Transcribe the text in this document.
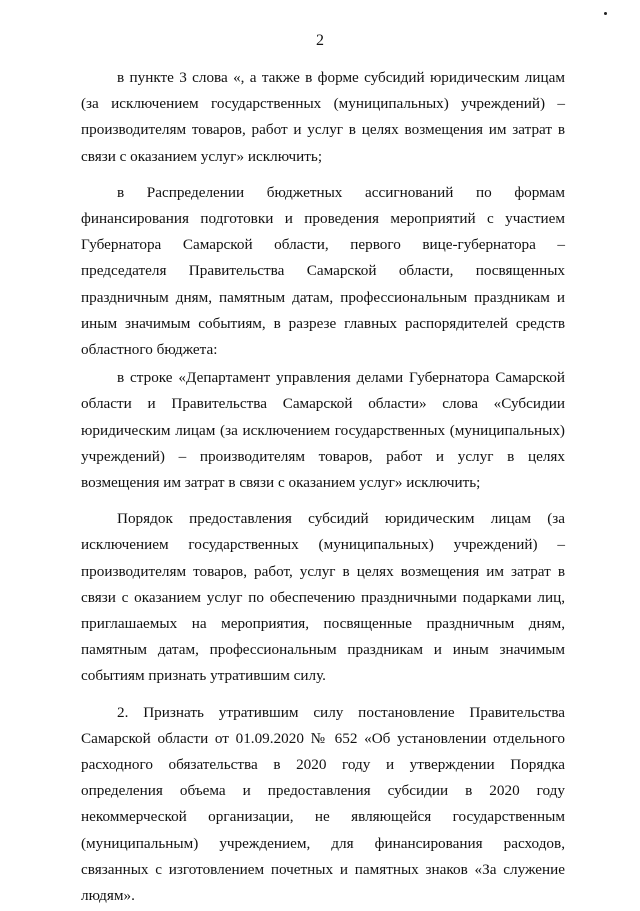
2

в пункте 3 слова «, а также в форме субсидий юридическим лицам (за исключением государственных (муниципальных) учреждений) – производителям товаров, работ и услуг в целях возмещения им затрат в связи с оказанием услуг» исключить;

в Распределении бюджетных ассигнований по формам финансирования подготовки и проведения мероприятий с участием Губернатора Самарской области, первого вице-губернатора – председателя Правительства Самарской области, посвященных праздничным дням, памятным датам, профессиональным праздникам и иным значимым событиям, в разрезе главных распорядителей средств областного бюджета:

в строке «Департамент управления делами Губернатора Самарской области и Правительства Самарской области» слова «Субсидии юридическим лицам (за исключением государственных (муниципальных) учреждений) – производителям товаров, работ и услуг в целях возмещения им затрат в связи с оказанием услуг» исключить;

Порядок предоставления субсидий юридическим лицам (за исключением государственных (муниципальных) учреждений) – производителям товаров, работ, услуг в целях возмещения им затрат в связи с оказанием услуг по обеспечению праздничными подарками лиц, приглашаемых на мероприятия, посвященные праздничным дням, памятным датам, профессиональным праздникам и иным значимым событиям признать утратившим силу.

2. Признать утратившим силу постановление Правительства Самарской области от 01.09.2020 № 652 «Об установлении отдельного расходного обязательства в 2020 году и утверждении Порядка определения объема и предоставления субсидии в 2020 году некоммерческой организации, не являющейся государственным (муниципальным) учреждением, для финансирования расходов, связанных с изготовлением почетных и памятных знаков «За служение людям».
